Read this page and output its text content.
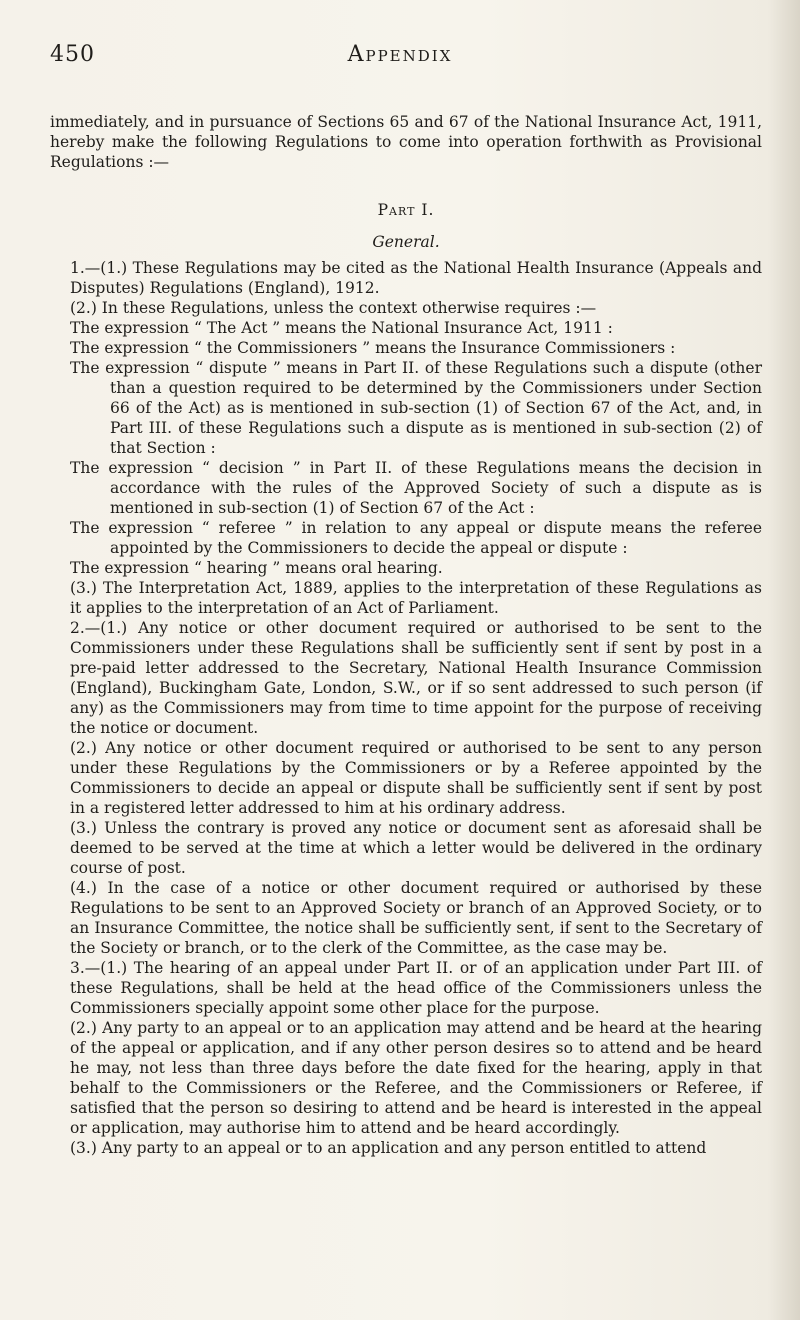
450	Appendix

immediately, and in pursuance of Sections 65 and 67 of the National Insurance Act, 1911, hereby make the following Regulations to come into operation forthwith as Provisional Regulations :—

Part I.

General.

1.—(1.) These Regulations may be cited as the National Health Insurance (Appeals and Disputes) Regulations (England), 1912.

(2.) In these Regulations, unless the context otherwise requires :—

The expression “ The Act ” means the National Insurance Act, 1911 :

The expression “ the Commissioners ” means the Insurance Commissioners :

The expression “ dispute ” means in Part II. of these Regulations such a dispute (other than a question required to be determined by the Commissioners under Section 66 of the Act) as is mentioned in sub-section (1) of Section 67 of the Act, and, in Part III. of these Regulations such a dispute as is mentioned in sub-section (2) of that Section :

The expression “ decision ” in Part II. of these Regulations means the decision in accordance with the rules of the Approved Society of such a dispute as is mentioned in sub-section (1) of Section 67 of the Act :

The expression “ referee ” in relation to any appeal or dispute means the referee appointed by the Commissioners to decide the appeal or dispute :

The expression “ hearing ” means oral hearing.

(3.) The Interpretation Act, 1889, applies to the interpretation of these Regulations as it applies to the interpretation of an Act of Parliament.

2.—(1.) Any notice or other document required or authorised to be sent to the Commissioners under these Regulations shall be sufficiently sent if sent by post in a pre-paid letter addressed to the Secretary, National Health Insurance Commission (England), Buckingham Gate, London, S.W., or if so sent addressed to such person (if any) as the Commissioners may from time to time appoint for the purpose of receiving the notice or document.

(2.) Any notice or other document required or authorised to be sent to any person under these Regulations by the Commissioners or by a Referee appointed by the Commissioners to decide an appeal or dispute shall be sufficiently sent if sent by post in a registered letter addressed to him at his ordinary address.

(3.) Unless the contrary is proved any notice or document sent as aforesaid shall be deemed to be served at the time at which a letter would be delivered in the ordinary course of post.

(4.) In the case of a notice or other document required or authorised by these Regulations to be sent to an Approved Society or branch of an Approved Society, or to an Insurance Committee, the notice shall be sufficiently sent, if sent to the Secretary of the Society or branch, or to the clerk of the Committee, as the case may be.

3.—(1.) The hearing of an appeal under Part II. or of an application under Part III. of these Regulations, shall be held at the head office of the Commissioners unless the Commissioners specially appoint some other place for the purpose.

(2.) Any party to an appeal or to an application may attend and be heard at the hearing of the appeal or application, and if any other person desires so to attend and be heard he may, not less than three days before the date fixed for the hearing, apply in that behalf to the Commissioners or the Referee, and the Commissioners or Referee, if satisfied that the person so desiring to attend and be heard is interested in the appeal or application, may authorise him to attend and be heard accordingly.

(3.) Any party to an appeal or to an application and any person entitled to attend
